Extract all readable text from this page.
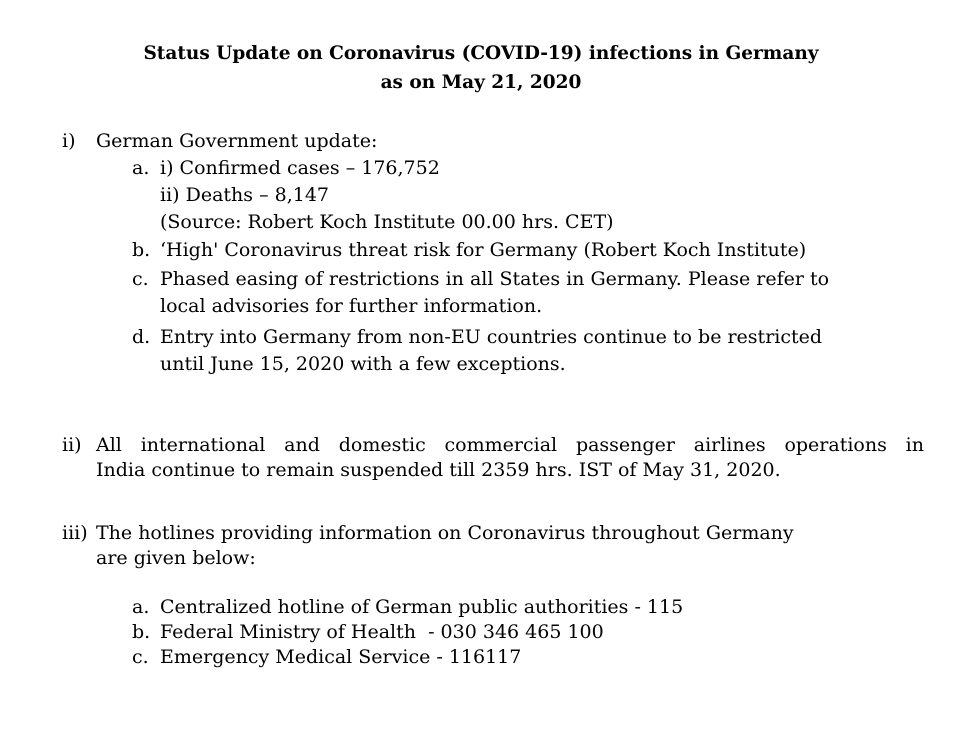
Status Update on Coronavirus (COVID-19) infections in Germany
as on May 21, 2020
i) German Government update:
a. i) Confirmed cases – 176,752
ii) Deaths – 8,147
(Source: Robert Koch Institute 00.00 hrs. CET)
b. ‘High' Coronavirus threat risk for Germany (Robert Koch Institute)
c. Phased easing of restrictions in all States in Germany. Please refer to
local advisories for further information.
d. Entry into Germany from non-EU countries continue to be restricted
until June 15, 2020 with a few exceptions.
ii) All international and domestic commercial passenger airlines operations in
India continue to remain suspended till 2359 hrs. IST of May 31, 2020.
iii) The hotlines providing information on Coronavirus throughout Germany
are given below:
a. Centralized hotline of German public authorities - 115
b. Federal Ministry of Health  - 030 346 465 100
c. Emergency Medical Service - 116117
